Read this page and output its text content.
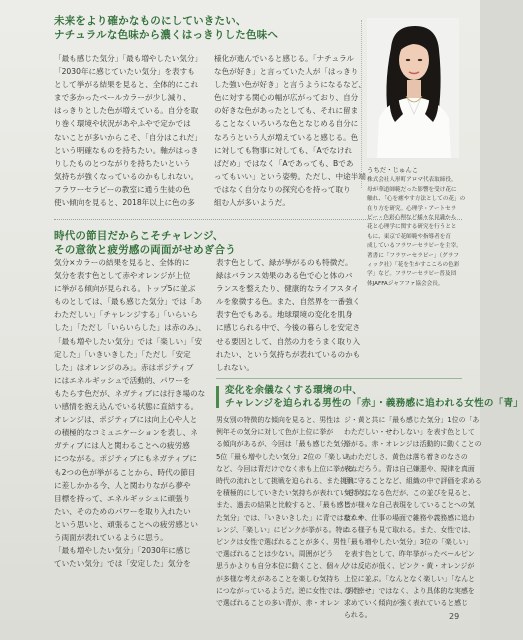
未来をより確かなものにしていきたい、
ナチュラルな色味から濃くはっきりした色味へ
「最も感じた気分」「最も増やしたい気分」
「2030年に感じていたい気分」を表すも
として挙がる結果を見ると、全体的にこれ
まで多かったベールカラーが少し減り、
はっきりとした色が増えている。自分を取
り巻く環境や状況があやふやで定かでは
ないことが多いからこそ、「自分はこれだ」
という明確なものを持ちたい。軸がはっき
りしたものとつながりを持ちたいという
気持ちが強くなっているのかもしれない。
フラワーセラピーの教室に通う生徒の色
使い傾向を見ると、2018年以上に色の多
様化が進んでいると感じる。「ナチュラル
な色が好き」と言っていた人が「はっきり
した強い色が好き」と言うようになるなど、
色に対する関心の幅が広がっており、自分
の好きな色があったとしても、それに留ま
ることなくいろいろな色となじめる自分に
なろうという人が増えていると感じる。色
に対しても物事に対しても、「Aでなけれ
ばだめ」ではなく「Aであっても、Bであ
ってもいい」という姿勢。ただし、中途半端
ではなく自分なりの探究心を持って取り
組む人が多いようだ。
うちだ・じゅんこ
株式会社人形町アロマ代表取締役。
母が華道師範だった影響を受け花に
触れ、「心を癒やす方法としての花」の
在り方を研究。心理学・アートセラ
ピー・色彩心理など様々な見識から
花と心理学に関する研究を行うとと
もに、東京で花師範や指導者を育
成しているフラワーセラピーを主宰。
著書に「フラワーセラピー」（グラフ
ィック社）「花を生かすこころの色彩
学」など。フラワーセラピー普及団
体JAFFAジャフファ協会会長。
時代の節目だからこそチャレンジ、
その意欲と疲労感の両面がせめぎ合う
気分×カラーの結果を見ると、全体的に
気分を表す色として赤やオレンジが上位
に挙がる傾向が見られる。トップ5に並ぶ
ものとしては、「最も感じた気分」では「あ
わただしい」「チャレンジする」「いらいら
した」「ただし「いらいらした」は赤のみ」、
「最も増やしたい気分」では「楽しい」「安
定した」「いきいきした」「ただし「安定
した」はオレンジのみ」。赤はポジティブ
にはエネルギッシュで活動的、パワーを
もたらす色だが、ネガティブには行き場のな
い感情を抱え込んでいる状態に直結する。
オレンジは、ポジティブには向上心や人と
の積極的なコミュニケーションを表し、ネ
ガティブには人と関わることへの疲労感
につながる。ポジティブにもネガティブに
も2つの色が挙がることから、時代の節目
に差しかかる今、人と関わりながら夢や
目標を持って、エネルギッシュに頑張り
たい、そのためのパワーを取り入れたい
という思いと、頑張ることへの疲労感とい
う両面が表れているように思う。
「最も増やしたい気分」「2030年に感じ
ていたい気分」では「安定した」気分を
表す色として、緑が挙がるのも特徴だ。
緑はバランス効果のある色で心と体のバ
ランスを整えたり、健康的なライフスタイ
ルを象徴する色。また、自然界を一番強く
表す色でもある。地球環境の変化を肌身
に感じられる中で、今後の暮らしを安定さ
せる要因として、自然の力をうまく取り入
れたい、という気持ちが表れているのかも
しれない。
変化を余儀なくする環境の中、
チャレンジを迫られる男性の「赤」・義務感に追われる女性の「青」
男女別の特徴的な傾向を見ると、男性は
例年その気分に対して色が上位に挙が
る傾向があるが、今回は「最も感じた気分」
5位「最も増やしたい気分」2位の「楽しい」
など、今回は青だけでなく赤も上位に挙がる。
時代の流れとして挑戦を迫られる、また挑戦
を積極的にしていきたい気持ちが表れていそうだ。
また、過去の結果と比較すると、「最も感じ
た気分」では、「いきいきした」に青ではなくオ
レンジ、「楽しい」にピンクが挙がる。特に
ピンクは女性で選ばれることが多く、男性
で選ばれることは少ない。周囲がどう
思うかよりも自分本位に動くこと、個々人
が多様な考えがあることを楽しむ気持ち
につながっているようだ。逆に女性では、男性
で選ばれることの多い青が、赤・オレン
ジ・黄と共に「最も感じた気分」1位の「あ
わただしい・せわしない」を表す色として
挙がる。赤・オレンジは活動的に動くことの
あわただしさ、黄色は落ち着きのなさの
表れだろう。青は自己嫌悪や、規律を真面
目に守ることなど、組織の中で評価を求める
気持ちになる色だが、この並びを見ると、
皆が様々な自己表現をしていることへの気
疲れや、仕事の場面で雑務や義務感に追わ
れる様子も見て取れる。また、女性では、
「最も増やしたい気分」3位の「楽しい」
を表す色として、昨年挙がったベールピン
クは反応が低く、ピンク・黄・オレンジが
上位に並ぶ。「なんとなく楽しい」「なんと
なく幸せ」ではなく、より具体的な実感を
求めていく傾向が強く表れていると感じ
られる。	29
